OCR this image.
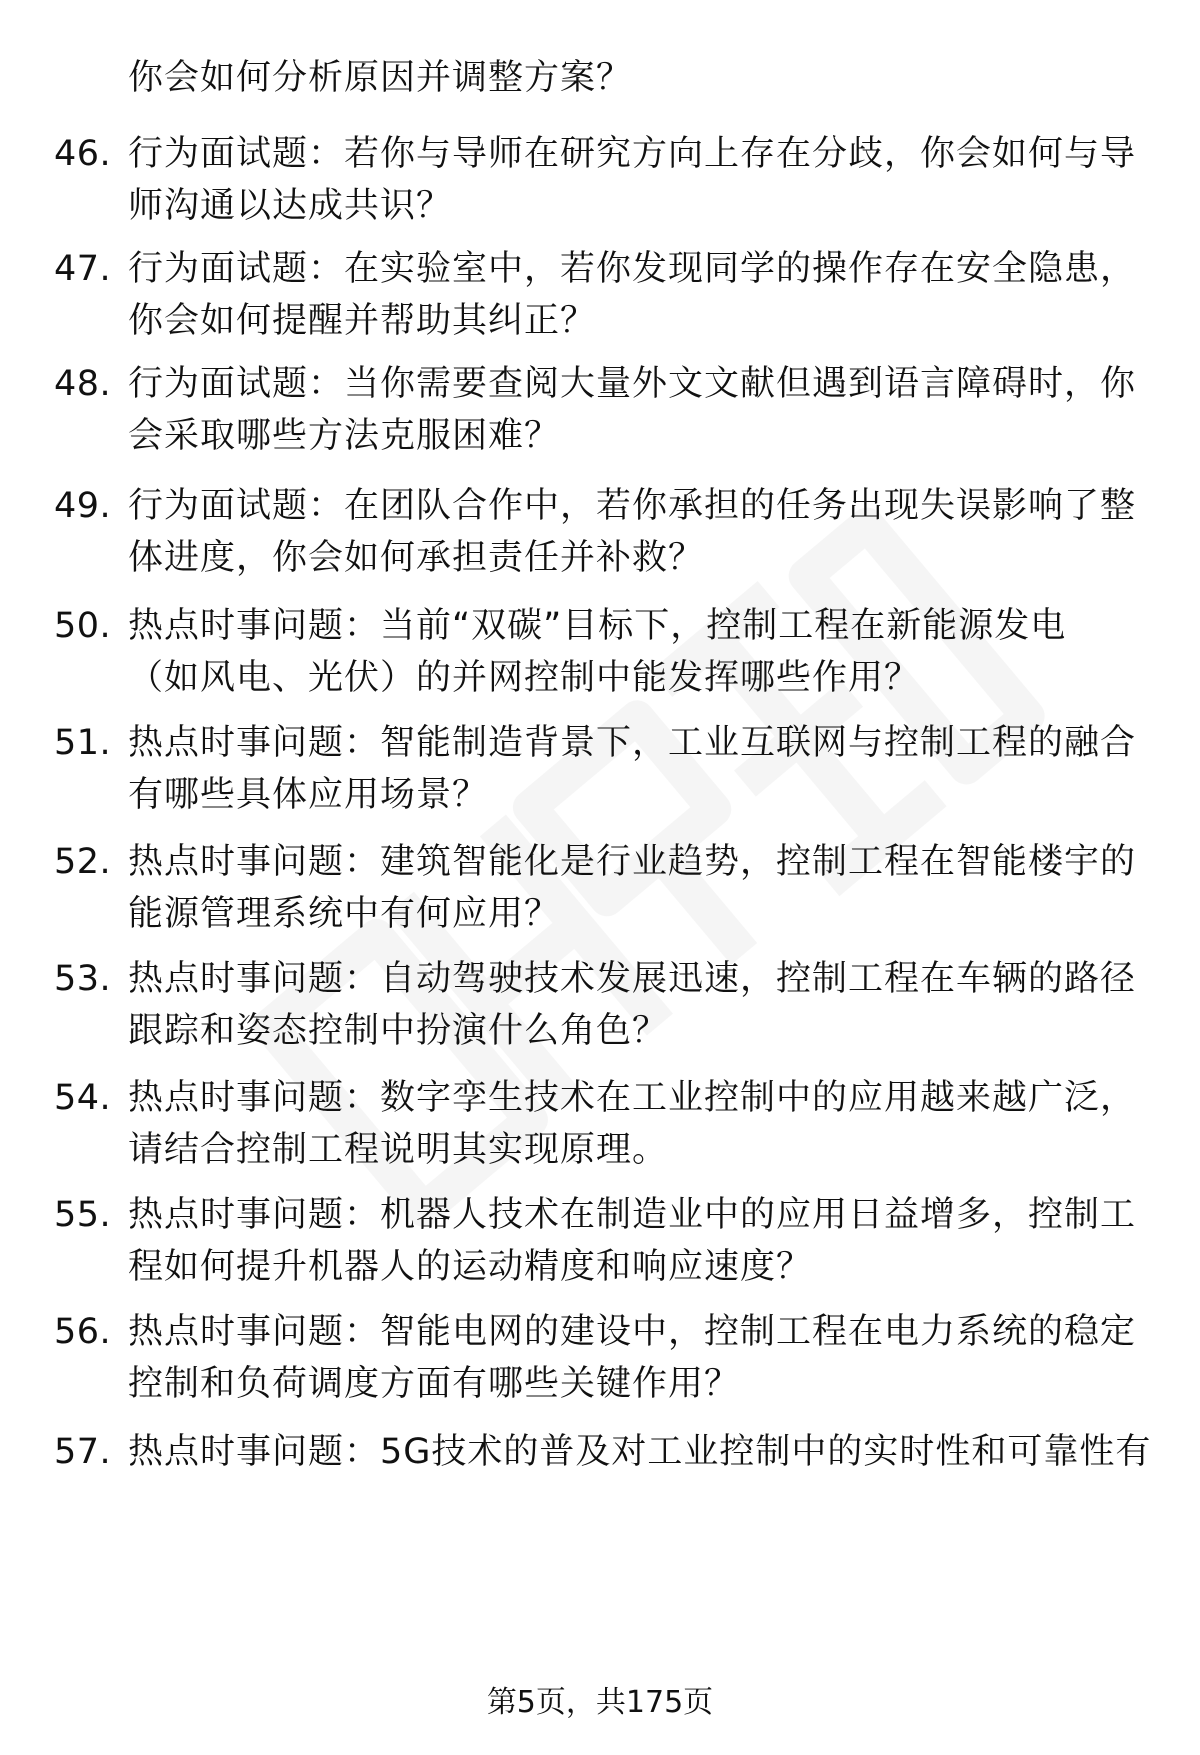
你会如何分析原因并调整方案？
46. 行为面试题：若你与导师在研究方向上存在分歧，你会如何与导
师沟通以达成共识？
47. 行为面试题：在实验室中，若你发现同学的操作存在安全隐患，
你会如何提醒并帮助其纠正？
48. 行为面试题：当你需要查阅大量外文文献但遇到语言障碍时，你
会采取哪些方法克服困难？
49. 行为面试题：在团队合作中，若你承担的任务出现失误影响了整
体进度，你会如何承担责任并补救？
50. 热点时事问题：当前“双碳”目标下，控制工程在新能源发电
（如风电、光伏）的并网控制中能发挥哪些作用？
51. 热点时事问题：智能制造背景下，工业互联网与控制工程的融合
有哪些具体应用场景？
52. 热点时事问题：建筑智能化是行业趋势，控制工程在智能楼宇的
能源管理系统中有何应用？
53. 热点时事问题：自动驾驶技术发展迅速，控制工程在车辆的路径
跟踪和姿态控制中扮演什么角色？
54. 热点时事问题：数字孪生技术在工业控制中的应用越来越广泛，
请结合控制工程说明其实现原理。
55. 热点时事问题：机器人技术在制造业中的应用日益增多，控制工
程如何提升机器人的运动精度和响应速度？
56. 热点时事问题：智能电网的建设中，控制工程在电力系统的稳定
控制和负荷调度方面有哪些关键作用？
57. 热点时事问题：5G技术的普及对工业控制中的实时性和可靠性有
第5页，共175页
